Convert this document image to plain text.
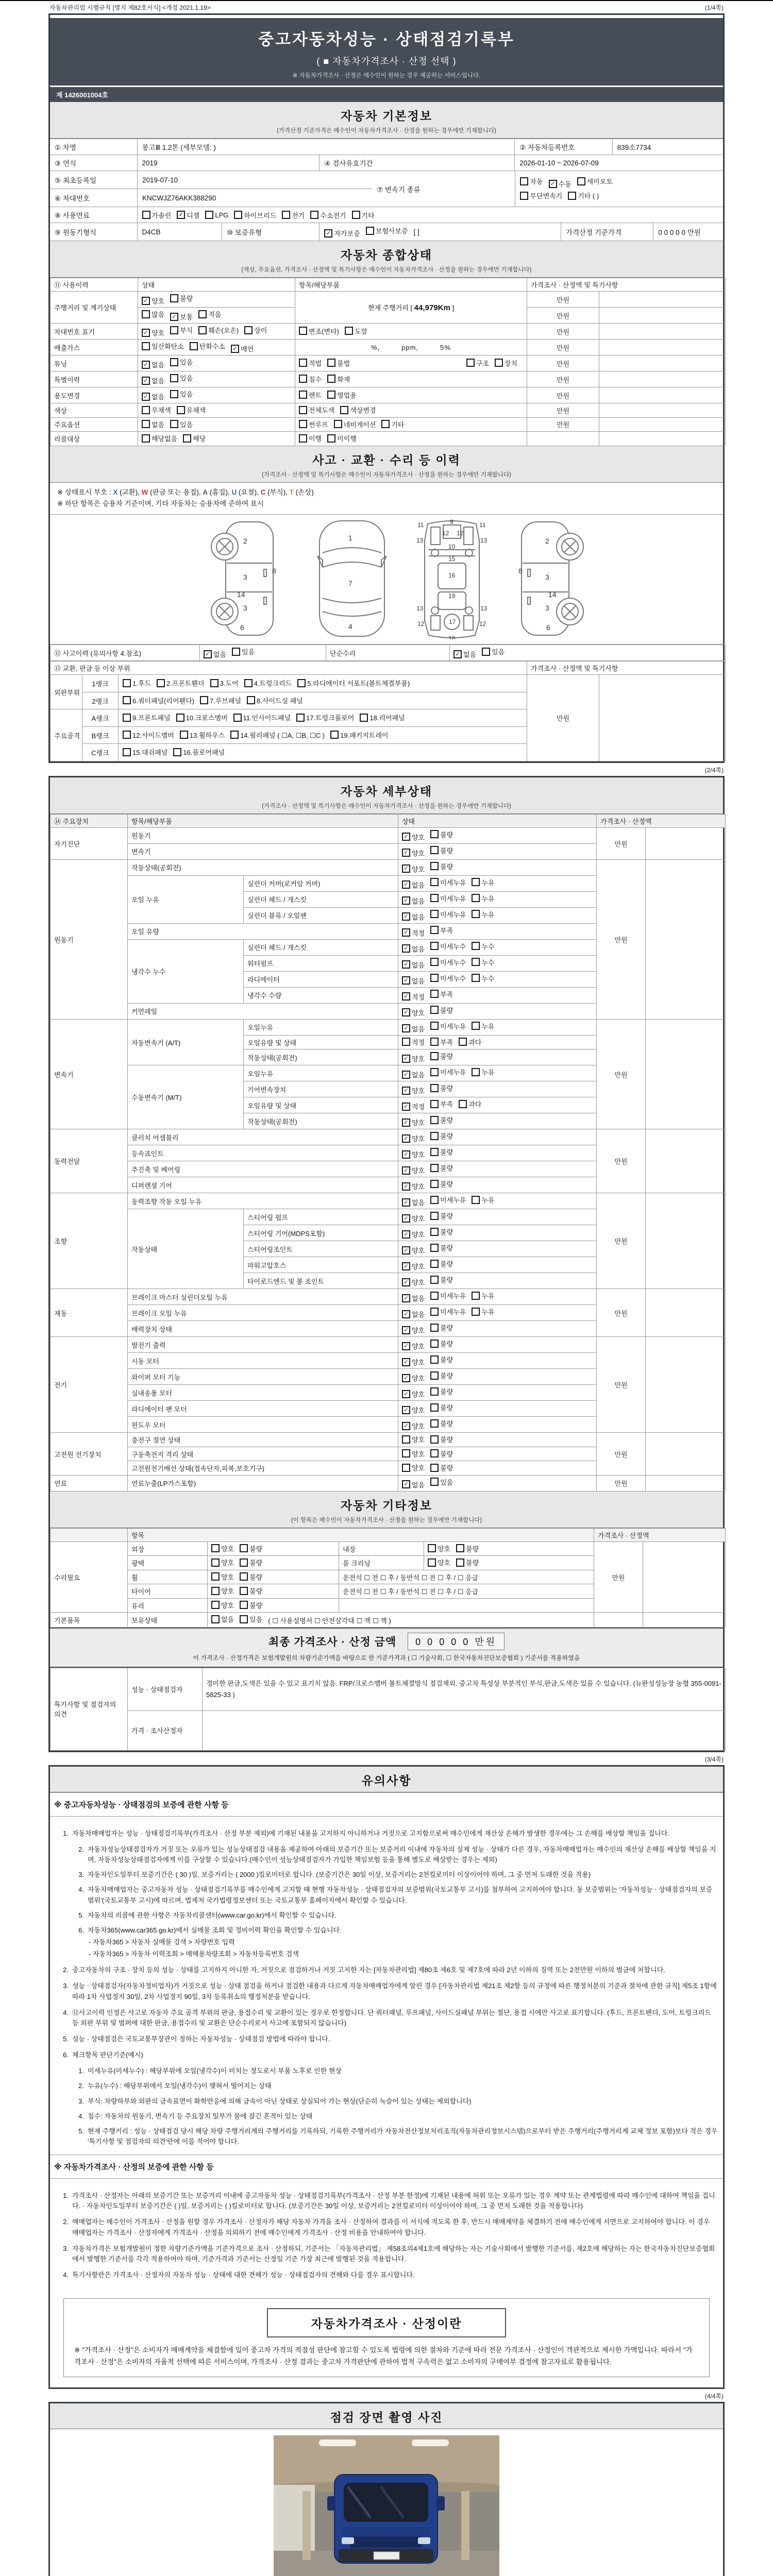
자동차관리법 시행규칙 [별지 제82호서식] <개정 2021.1.19>	(1/4쪽)
중고자동차성능 · 상태점검기록부
( ■ 자동차가격조사 · 산정 선택 )
※ 자동차가격조사 · 산정은 매수인이 원하는 경우 제공하는 서비스입니다.
제 1426001004호
자동차 기본정보
(가격산정 기준가격은 매수인이 자동차가격조사 · 산정을 원하는 경우에만 기재합니다)
① 차명	봉고Ⅲ 1.2톤 (세부모델: )	② 자동차등록번호	839소7734
③ 연식	2019	④ 검사유효기간	2026-01-10 ~ 2026-07-09
⑤ 최초등록일	2019-07-10
⑥ 차대번호	KNCWJZ76AKK388290
⑦ 변속기 종류
자동	✓ 수동 세미오토
무단변속기 기타 ( )
⑧ 사용연료	가솔린	✓ 디젤 LPG 하이브리드 전기 수소전기 기타
⑨ 원동기형식	D4CB	⑩ 보증유형	✓ 자가보증 보험사보증 [ ]	가격산정 기준가격	0 0 0 0 0 만원
자동차 종합상태
(색상, 주요옵션, 가격조사 · 산정액 및 특기사항은 매수인이 자동차가격조사 · 산정을 원하는 경우에만 기재합니다)
⑪ 사용이력	상태	항목/해당부품	가격조사 · 산정액 및 특기사항	
주행거리 및 계기상태	✓ 양호 불량	현재 주행거리 [ 44,979Km ]	만원	

	많음 ✓ 보통 적음		만원	
차대번호 표기	✓ 양호 부식 훼손(오손) 상이	변조(변타) 도말	만원	
배출가스	일산화탄소 탄화수소 ✓ 매연	%,   ppm,   5%	만원	
튜닝	✓ 없음 있음	적법 불법 구조 장치	만원	
특별이력	✓ 없음 있음	침수 화재	만원	
용도변경	✓ 없음 있음	렌트 영업용	만원	
색상	무채색 유채색	전체도색 색상변경	만원	
주요옵션	없음 있음	썬루프 네비게이션 기타	만원	
리콜대상	해당없음 해당	이행 미이행		

사고 · 교환 · 수리 등 이력
(가격조사 · 산정액 및 특기사항은 매수인이 자동차가격조사 · 산정을 원하는 경우에만 기재합니다)
※ 상태표시 부호 : X (교환), W (판금 또는 용접), A (흠집), U (요철), C (부식), T (손상)
※ 하단 항목은 승용차 기준이며, 기타 자동차는 승용차에 준하여 표시
2
8
3
14
3
6
1
7
4
11	11
13	13
12 12
9
10
15
16
19
13	13
12	12
17
18
2
8
3
14
3
6
⑫ 사고이력 (유의사항 4.참조)	✓ 없음 있음	단순수리	✓ 없음 있음
⑬ 교환, 판금 등 이상 부위			가격조사 · 산정액 및 특기사항	
외판부위	1랭크	1.후드 2.프론트휀더 3.도어 4.트렁크리드 5.라디에이터 서포트(볼트체결부품)	만원	
	2랭크	6.쿼더패널(리어휀다) 7.루브패널 8.사이드실 패널		

주요골격	A랭크	9.프론트패널 10.크로스멤버 11.인사이드패널 17.트렁크플로어 18.리어패널		

	B랭크	12.사이드멤버 13.휠하우스 14.필러패널 ( ☐A, ☐B, ☐C ) 19.패키지트레이		

	C랭크	15.대쉬패널 16.플로어패널		
(2/4쪽)
자동차 세부상태
(가격조사 · 산정액 및 특기사항은 매수인이 자동차가격조사 · 산정을 원하는 경우에만 기재합니다)
⑭ 주요장치	항목/해당부품		상태	가격조사 · 산정액	
자기진단	원동기		✓ 양호 불량	만원	
	변속기		✓ 양호 불량		

원동기	작동상태(공회전)		✓ 양호 불량	만원	
	오일 누유	실린더 커버(로커암 커버)	✓ 없음 미세누유 누유		

		실린더 헤드 / 개스킷	✓ 없음 미세누유 누유		

		실린더 블록 / 오일팬	✓ 없음 미세누유 누유		

	오일 유량		✓ 적정 부족		

	냉각수 누수	실린더 헤드 / 개스킷	✓ 없음 미세누수 누수		

		워터펌프	✓ 없음 미세누수 누수		

		라디에이터	✓ 없음 미세누수 누수		

		냉각수 수량	✓ 적정 부족		

	커먼레일		✓ 양호 불량		

변속기	자동변속기 (A/T)	오일누유	✓ 없음 미세누유 누유	만원	
		오일유량 및 상태	적정 부족 과다		

		작동상태(공회전)	✓ 양호 불량		

	수동변속기 (M/T)	오일누유	✓ 없음 미세누유 누유		

		기어변속장치	✓ 양호 불량		

		오일유량 및 상태	✓ 적정 부족 과다		

		작동상태(공회전)	✓ 양호 불량		

동력전달	클러치 어셈블리		✓ 양호 불량	만원	
	등속죠인트		✓ 양호 불량		

	추진축 및 베어링		✓ 양호 불량		

	디퍼렌셜 기어		✓ 양호 불량		

조향	동력조향 작동 오일 누유		✓ 없음 미세누유 누유	만원	
	작동상태	스티어링 펌프	✓ 양호 불량		

		스티어링 기어(MDPS포함)	✓ 양호 불량		

		스티어링조인트	✓ 양호 불량		

		파워고압호스	✓ 양호 불량		

		타이로드엔드 및 볼 조인트	✓ 양호 불량		

제동	브레이크 마스터 실린더오일 누유		✓ 없음 미세누유 누유	만원	
	브레이크 오일 누유		✓ 없음 미세누유 누유		

	배력장치 상태		✓ 양호 불량		

전기	발전기 출력		✓ 양호 불량	만원	
	시동 모터		✓ 양호 불량		

	와이퍼 모터 기능		✓ 양호 불량		

	실내송풍 모터		✓ 양호 불량		

	라디에이터 팬 모터		✓ 양호 불량		

	윈도우 모터		✓ 양호 불량		

고전원 전기장치	충전구 절연 상태		양호 불량	만원	
	구동축전지 격리 상태		양호 불량		

	고전원전기배선 상태(접속단자,피복,보호기구)		양호 불량		

연료	연료누출(LP가스포함)		✓ 없음 있음	만원	
자동차 기타정보
(이 항목은 매수인이 자동차가격조사 · 산정을 원하는 경우에만 기재합니다)
	항목				가격조사 · 산정액	
수리필요	외장	양호 불량	내장	양호 불량	만원	
	광택	양호 불량	룸 크리닝	양호 불량		

	휠	양호 불량	운전석 ☐ 전 ☐ 후 / 동반석 ☐ 전 ☐ 후 / ☐ 응급			
	타이어	양호 불량	운전석 ☐ 전 ☐ 후 / 동반석 ☐ 전 ☐ 후 / ☐ 응급			
	유리	양호 불량				

기본품목	보유상태	없음 있음 ( ☐ 사용설명서 ☐ 안전삼각대 ☐ 잭 ☐ 잭 )				
최종 가격조사 · 산정 금액	0 0 0 0 0 만원
이 가격조사 · 산정가격은 보험개발원의 차량기준가액을 바탕으로 한 기준가격과 ( ☐ 기술사회, ☐ 한국자동차진단보증협회 ) 기준서를 적용하였음
특기사항 및 점검자의 의견	성능 · 상태점검자	경미한 판금,도색은 있을 수 있고 표기치 않음. FRP/크로스멤버 볼트체결방식 점검제외. 중고차 특성상 부분적인 부식,판금,도색은 있을 수 있습니다. (뉴완성성능장 농협 355-0091-5825-33 )
	가격 · 조사산정자	
(3/4쪽)
유의사항
※ 중고자동차성능 · 상태점검의 보증에 관한 사항 등
1. 자동차매매업자는 성능 · 상태점검기록부(가격조사 · 산정 부분 제외)에 기재된 내용을 고지하지 아니하거나 거짓으로 고지함으로써 매수인에게 재산상 손해가 발생한 경우에는 그 손해를 배상할 책임을 집니다.
2. 자동차성능상태점검자가 거짓 또는 오류가 있는 성능상태점검 내용을 제공하여 아래의 보증기간 또는 보증거리 이내에 자동차의 실제 성능 · 상태가 다른 경우, 자동차매매업자는 매수인의 재산상 손해를 배상할 책임을 지며, 자동차성능상태점검자에게 이를 구상할 수 있습니다.(매수인이 성능상태점검자가 가입한 책임보험 등을 통해 별도로 배상받는 경우는 제외)
3. 자동차인도일부터 보증기간은 ( 30 )일, 보증거리는 ( 2000 )킬로미터로 합니다. (보증기간은 30일 이상, 보증거리는 2천킬로미터 이상이어야 하며, 그 중 먼저 도래한 것을 적용)
4. 자동차매매업자는 중고자동차 성능 · 상태점검기록부를 매수인에게 고지할 때 현행 자동차성능 · 상태점검자의 보증범위(국토교통부 고시)를 첨부하여 고지하여야 합니다. 동 보증범위는 '자동차성능 · 상태점검자의 보증범위'(국토교통부 고시)에 따르며, 법제처 국가법령정보센터 또는 국토교통부 홈페이지에서 확인할 수 있습니다.
5. 자동차의 리콜에 관한 사항은 자동차리콜센터(www.car.go.kr)에서 확인할 수 있습니다.
6. 자동차365(www.car365.go.kr)에서 실매물 조회 및 정비이력 확인을 확인할 수 있습니다.
- 자동차365 > 자동차 실매물 검색 > 차량번호 입력
- 자동차365 > 자동차 이력조회 > 매매용차량조회 > 자동차등록번호 검색
2. 중고자동차의 구조 · 장치 등의 성능 · 상태를 고지하지 아니한 자, 거짓으로 점검하거나 거짓 고지한 자는 [자동차관리법] 제80조 제6호 및 제7호에 따라 2년 이하의 징역 또는 2천만원 이하의 벌금에 처합니다.
3. 성능 · 상태점검자(자동차정비업자)가 거짓으로 성능 · 상태 점검을 하거나 점검한 내용과 다르게 자동차매매업자에게 알린 경우 [자동차관리법 제21조 제2항 등의 규정에 따른 행정처분의 기준과 절차에 관한 규칙] 제5조 1항에 따라 1차 사업정지 30일, 2차 사업정지 90일, 3차 등록취소의 행정처분을 받습니다.
4. ⑫사고이력 인정은 사고로 자동차 주요 골격 부위의 판금, 용접수리 및 교환이 있는 경우로 한정합니다. 단 쿼터패널, 루프패널, 사이드실패널 부위는 절단, 용접 시에만 사고로 표기합니다. (후드, 프론트펜더, 도어, 트렁크리드 등 외판 부위 및 범퍼에 대한 판금, 용접수리 및 교환은 단순수리로서 사고에 포함되지 않습니다)
5. 성능 · 상태점검은 국토교통부장관이 정하는 자동차성능 · 상태점검 방법에 따라야 합니다.
6. 체크항목 판단기준(예시)
1. 미세누유(미세누수) : 해당부위에 오일(냉각수)이 비치는 정도로서 부품 노후로 인한 현상
2. 누유(누수) : 해당부위에서 오일(냉각수)이 맺혀서 떨어지는 상태
3. 부식: 차량하부와 외판의 금속표면이 화학반응에 의해 금속이 아닌 상태로 상실되어 가는 현상(단순히 녹슬어 있는 상태는 제외합니다)
4. 침수: 자동차의 원동기, 변속기 등 주요장치 일부가 물에 잠긴 흔적이 있는 상태
5. 현재 주행거리 : 성능 · 상태점검 당시 해당 차량 주행거리계의 주행거리를 기록하되, 기록한 주행거리가 자동차전산정보처리조직(자동차관리정보시스템)으로부터 받은 주행거리(주행거리계 교체 정보 포함)보다 적은 경우 '특기사항 및 점검자의 의견'란에 이를 적어야 합니다.
※ 자동차가격조사 · 산정의 보증에 관한 사항 등
1. 가격조사 · 산정자는 아래의 보증기간 또는 보증거리 이내에 중고자동차 성능 · 상태점검기록부(가격조사 · 산정 부분 한정)에 기재된 내용에 허위 또는 오류가 있는 경우 계약 또는 관계법령에 따라 매수인에 대하여 책임을 집니다. · 자동차인도일부터 보증기간은 ( )일, 보증거리는 ( )킬로미터로 합니다. (보증기간은 30일 이상, 보증거리는 2천킬로미터 이상이어야 하며, 그 중 먼저 도래한 것을 적용합니다)
2. 매매업자는 매수인이 가격조사 · 산정을 원할 경우 가격조사 · 산정자가 해당 자동차 가격을 조사 · 산정하여 결과를 이 서식에 적도록 한 후, 반드시 매매계약을 체결하기 전에 매수인에게 서면으로 고지하여야 합니다. 이 경우 매매업자는 가격조사 · 산정자에게 가격조사 · 산정을 의뢰하기 전에 매수인에게 가격조사 · 산정 비용을 안내하여야 합니다.
3. 자동차가격은 보험개발원이 정한 차량기준가액을 기준가격으로 조사 · 산정하되, 기준서는 「자동차관리법」 제58조의4제1호에 해당하는 자는 기술사회에서 발행한 기준서를, 제2호에 해당하는 자는 한국자동차진단보증협회에서 발행한 기준서를 각각 적용하여야 하며, 기준가격과 기준서는 산정일 기준 가장 최근에 발행된 것을 적용합니다.
4. 특기사항란은 가격조사 · 산정자의 자동차 성능 · 상태에 대한 견해가 성능 · 상태점검자의 견해와 다를 경우 표시합니다.
자동차가격조사 · 산정이란
※ "가격조사 · 산정"은 소비자가 매매계약을 체결함에 있어 중고차 가격의 적절성 판단에 참고할 수 있도록 법령에 의한 절차와 기준에 따라 전문 가격조사 · 산정인이 객관적으로 제시한 가액입니다. 따라서 "가격조사 · 산정"은 소비자의 자율적 선택에 따른 서비스이며, 가격조사 · 산정 결과는 중고차 가격판단에 관하여 법적 구속력은 없고 소비자의 구매여부 결정에 참고자료로 활용됩니다.
(4/4쪽)
점검 장면 촬영 사진
